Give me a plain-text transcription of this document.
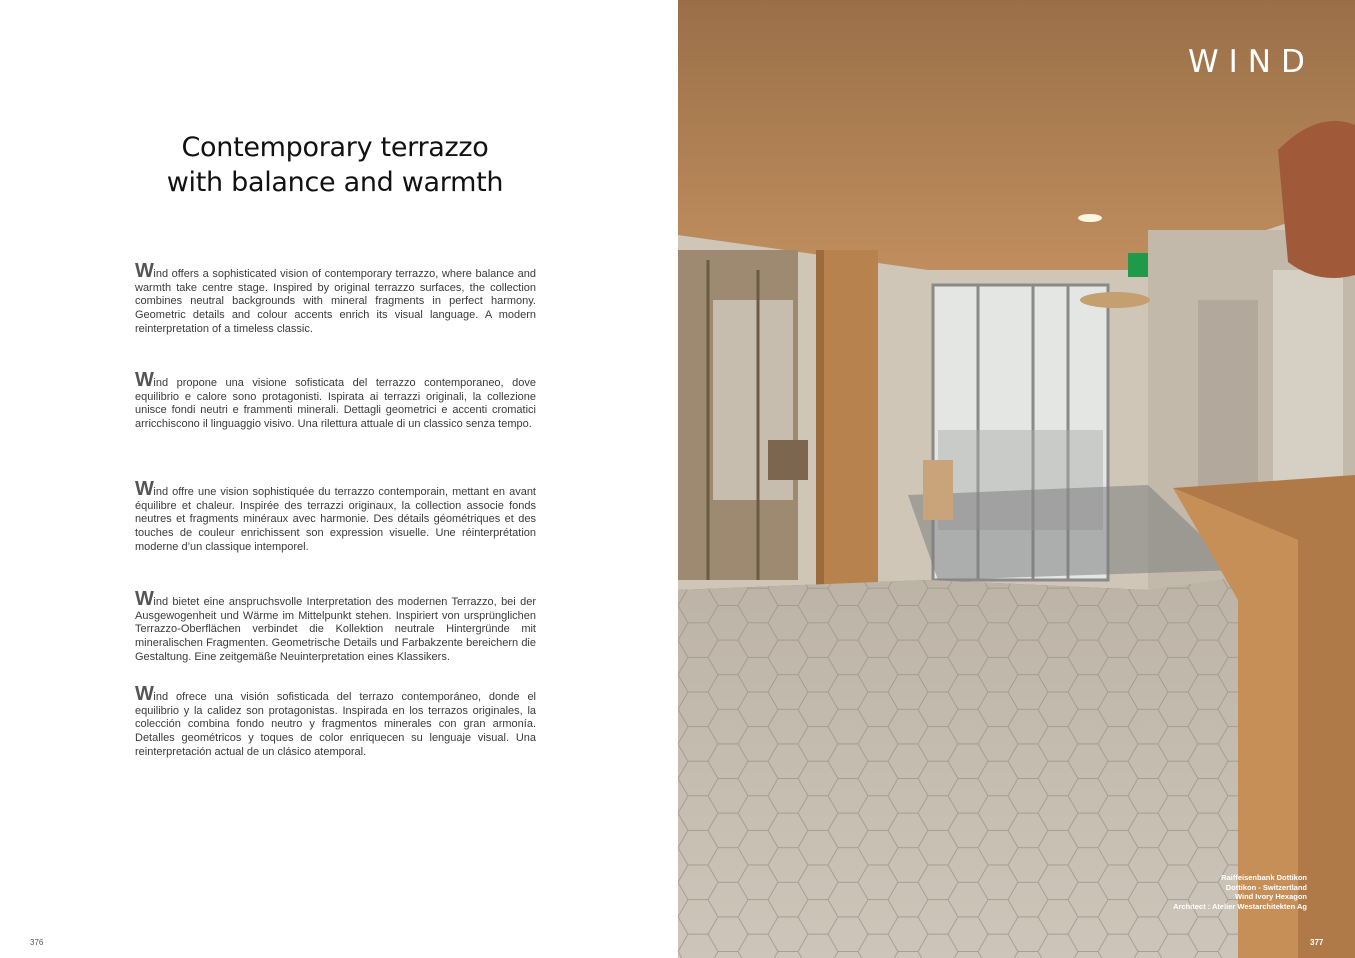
Contemporary terrazzo
with balance and warmth

Wind offers a sophisticated vision of contemporary terrazzo, where balance and warmth take centre stage. Inspired by original terrazzo surfaces, the collection combines neutral backgrounds with mineral fragments in perfect harmony. Geometric details and colour accents enrich its visual language. A modern reinterpretation of a timeless classic.

Wind propone una visione sofisticata del terrazzo contemporaneo, dove equilibrio e calore sono protagonisti. Ispirata ai terrazzi originali, la collezione unisce fondi neutri e frammenti minerali. Dettagli geometrici e accenti cromatici arricchiscono il linguaggio visivo. Una rilettura attuale di un classico senza tempo.

Wind offre une vision sophistiquée du terrazzo contemporain, mettant en avant équilibre et chaleur. Inspirée des terrazzi originaux, la collection associe fonds neutres et fragments minéraux avec harmonie. Des détails géométriques et des touches de couleur enrichissent son expression visuelle. Une réinterprétation moderne d’un classique intemporel.

Wind bietet eine anspruchsvolle Interpretation des modernen Terrazzo, bei der Ausgewogenheit und Wärme im Mittelpunkt stehen. Inspiriert von ursprünglichen Terrazzo-Oberflächen verbindet die Kollektion neutrale Hintergründe mit mineralischen Fragmenten. Geometrische Details und Farbakzente bereichern die Gestaltung. Eine zeitgemäße Neuinterpretation eines Klassikers.

Wind ofrece una visión sofisticada del terrazo contemporáneo, donde el equilibrio y la calidez son protagonistas. Inspirada en los terrazos originales, la colección combina fondo neutro y fragmentos minerales con gran armonía. Detalles geométricos y toques de color enriquecen su lenguaje visual. Una reinterpretación actual de un clásico atemporal.

376
WIND
Raiffeisenbank Dottikon
Dottikon - Switzertland
Wind Ivory Hexagon
Architect : Atelier Westarchitekten Ag
377
